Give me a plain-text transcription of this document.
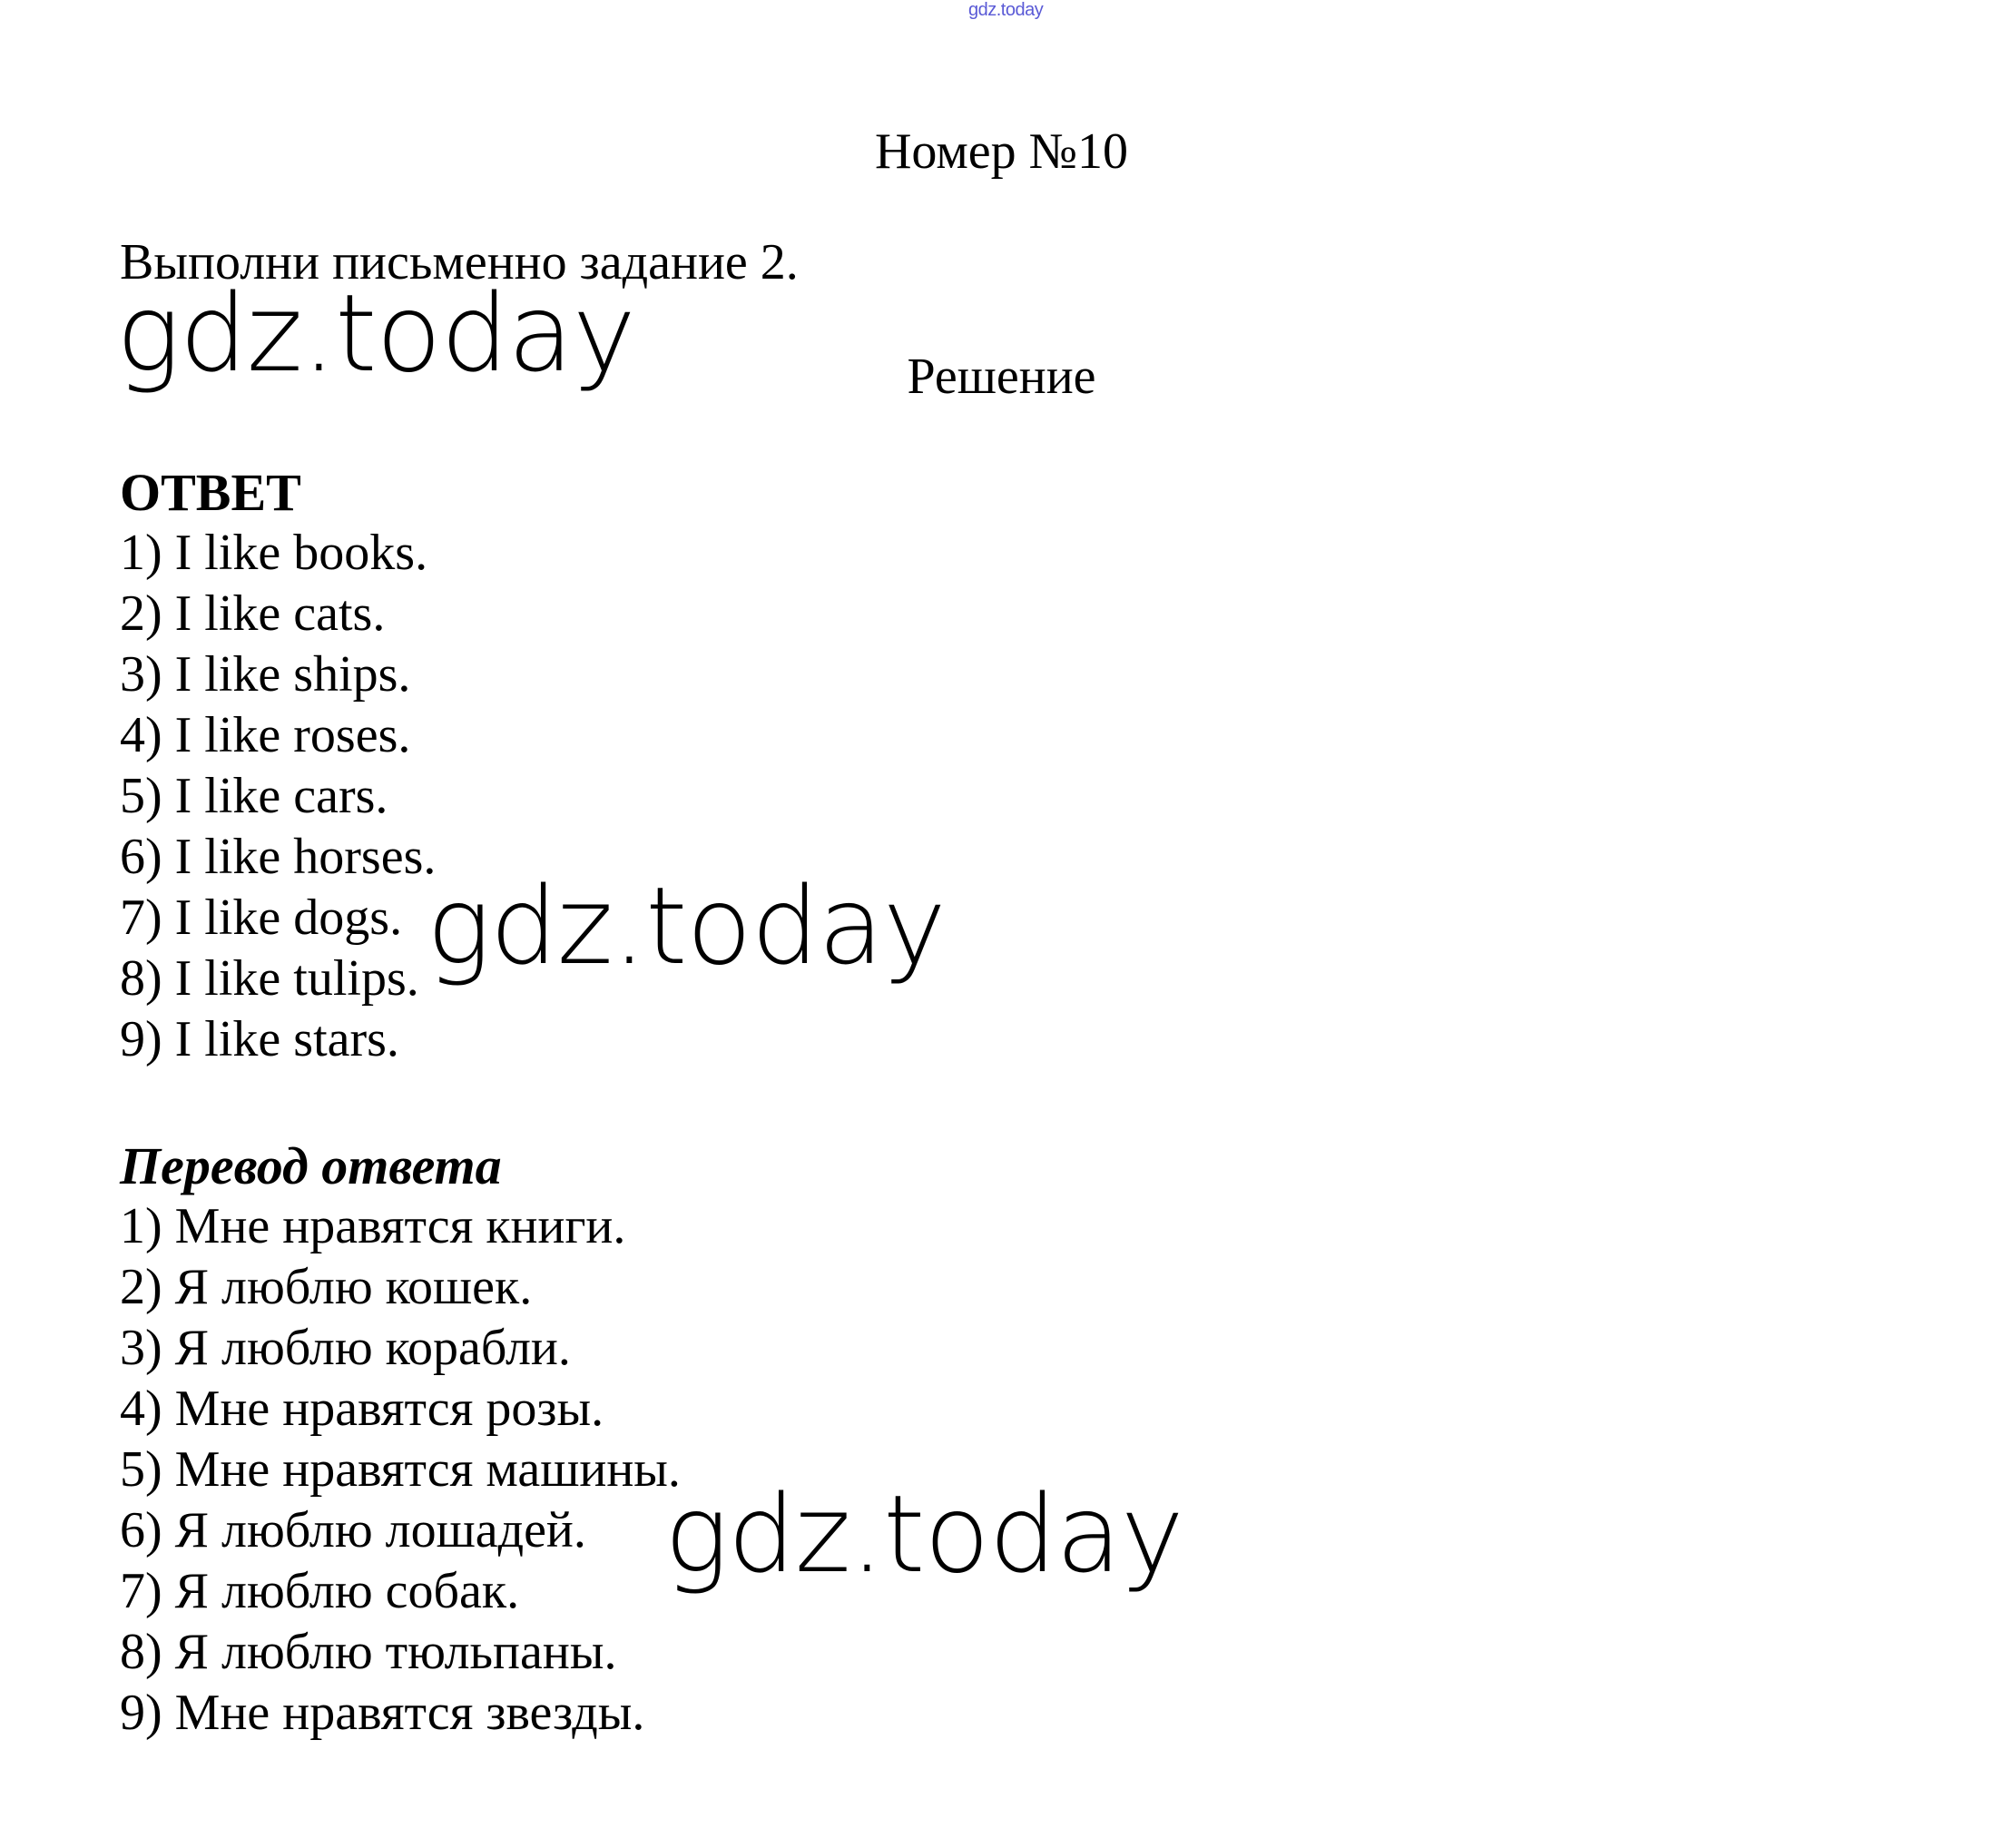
gdz.today
Номер №10
Выполни письменно задание 2.
gdz.today	Решение
ОТВЕТ
1) I like books.
2) I like cats.
3) I like ships.
4) I like roses.
5) I like cars.
6) I like horses.
7) I like dogs.
8) I like tulips.
9) I like stars.
gdz.today
Перевод ответа
1) Мне нравятся книги.
2) Я люблю кошек.
3) Я люблю корабли.
4) Мне нравятся розы.
5) Мне нравятся машины.
6) Я люблю лошадей.
7) Я люблю собак.
8) Я люблю тюльпаны.
9) Мне нравятся звезды.
gdz.today
